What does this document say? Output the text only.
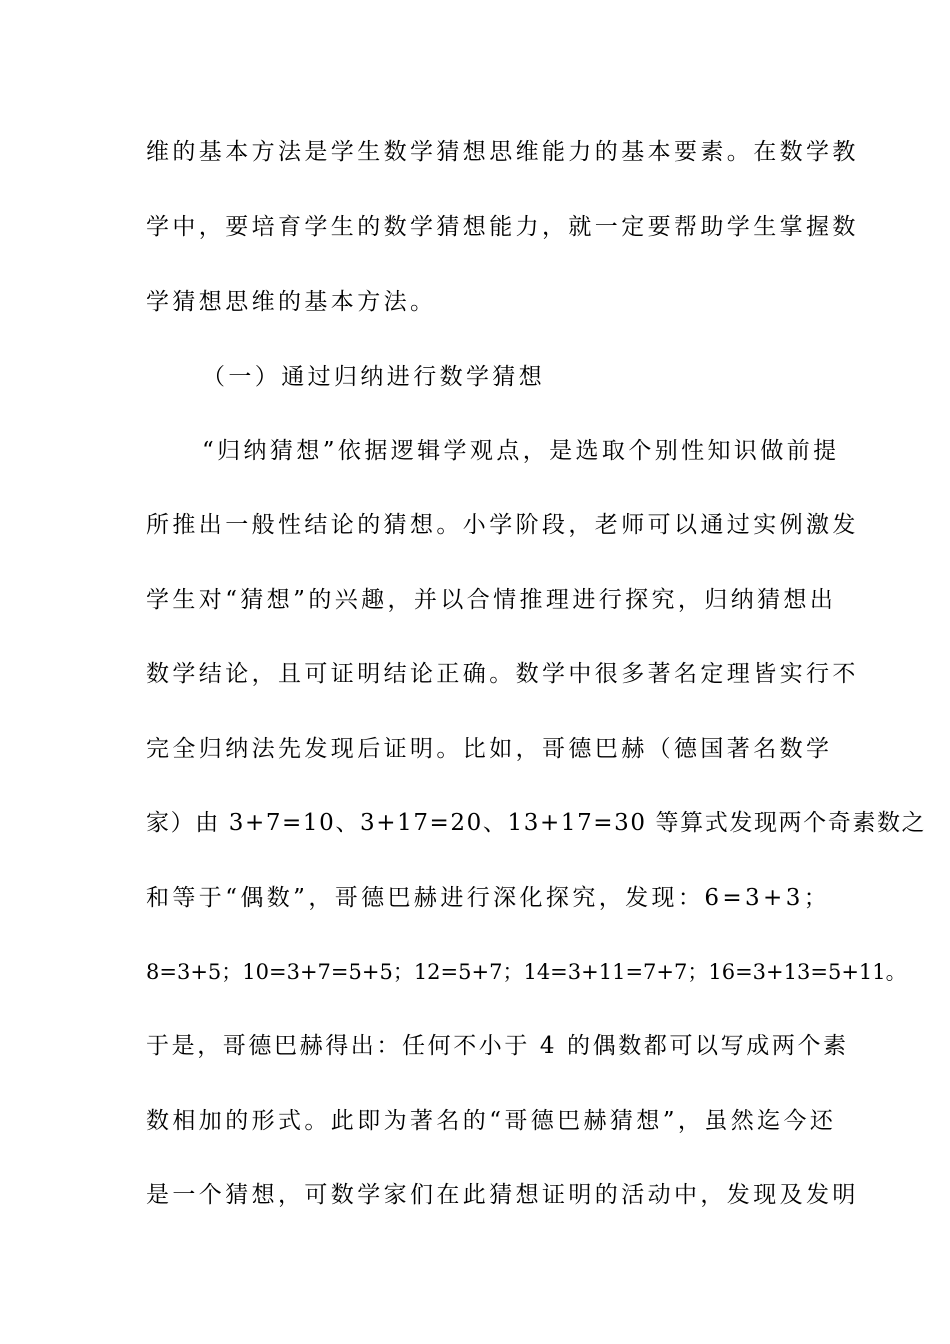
维的基本方法是学生数学猜想思维能力的基本要素。在数学教
学中，要培育学生的数学猜想能力，就一定要帮助学生掌握数
学猜想思维的基本方法。
（一）通过归纳进行数学猜想
“归纳猜想”依据逻辑学观点，是选取个别性知识做前提
所推出一般性结论的猜想。小学阶段，老师可以通过实例激发
学生对“猜想”的兴趣，并以合情推理进行探究，归纳猜想出
数学结论，且可证明结论正确。数学中很多著名定理皆实行不
完全归纳法先发现后证明。比如，哥德巴赫（德国著名数学
家）由 3+7=10、3+17=20、13+17=30 等算式发现两个奇素数之
和等于“偶数”，哥德巴赫进行深化探究，发现：6=3+3；
8=3+5；10=3+7=5+5；12=5+7；14=3+11=7+7；16=3+13=5+11。
于是，哥德巴赫得出：任何不小于 4 的偶数都可以写成两个素
数相加的形式。此即为著名的“哥德巴赫猜想”，虽然迄今还
是一个猜想，可数学家们在此猜想证明的活动中，发现及发明
